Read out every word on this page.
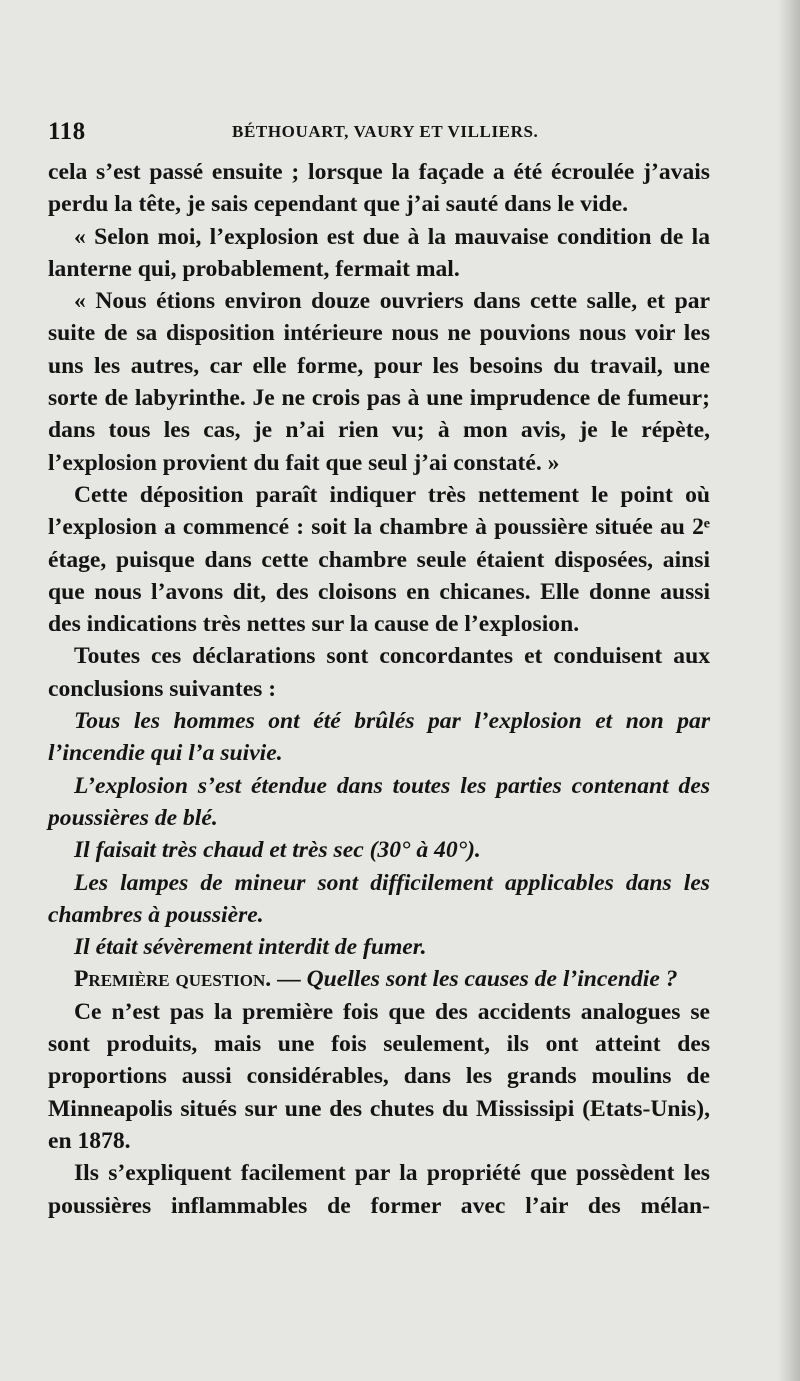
118	BÉTHOUART, VAURY ET VILLIERS.

cela s’est passé ensuite ; lorsque la façade a été écroulée j’avais perdu la tête, je sais cependant que j’ai sauté dans le vide.

« Selon moi, l’explosion est due à la mauvaise condition de la lanterne qui, probablement, fermait mal.

« Nous étions environ douze ouvriers dans cette salle, et par suite de sa disposition intérieure nous ne pouvions nous voir les uns les autres, car elle forme, pour les besoins du travail, une sorte de labyrinthe. Je ne crois pas à une imprudence de fumeur; dans tous les cas, je n’ai rien vu; à mon avis, je le répète, l’explosion provient du fait que seul j’ai constaté. »

Cette déposition paraît indiquer très nettement le point où l’explosion a commencé : soit la chambre à poussière située au 2ᵉ étage, puisque dans cette chambre seule étaient disposées, ainsi que nous l’avons dit, des cloisons en chicanes. Elle donne aussi des indications très nettes sur la cause de l’explosion.

Toutes ces déclarations sont concordantes et conduisent aux conclusions suivantes :

Tous les hommes ont été brûlés par l’explosion et non par l’incendie qui l’a suivie.

L’explosion s’est étendue dans toutes les parties contenant des poussières de blé.

Il faisait très chaud et très sec (30° à 40°).

Les lampes de mineur sont difficilement applicables dans les chambres à poussière.

Il était sévèrement interdit de fumer.

Première question. — Quelles sont les causes de l’incendie ?

Ce n’est pas la première fois que des accidents analogues se sont produits, mais une fois seulement, ils ont atteint des proportions aussi considérables, dans les grands moulins de Minneapolis situés sur une des chutes du Mississipi (Etats-Unis), en 1878.

Ils s’expliquent facilement par la propriété que possèdent les poussières inflammables de former avec l’air des mélan-
